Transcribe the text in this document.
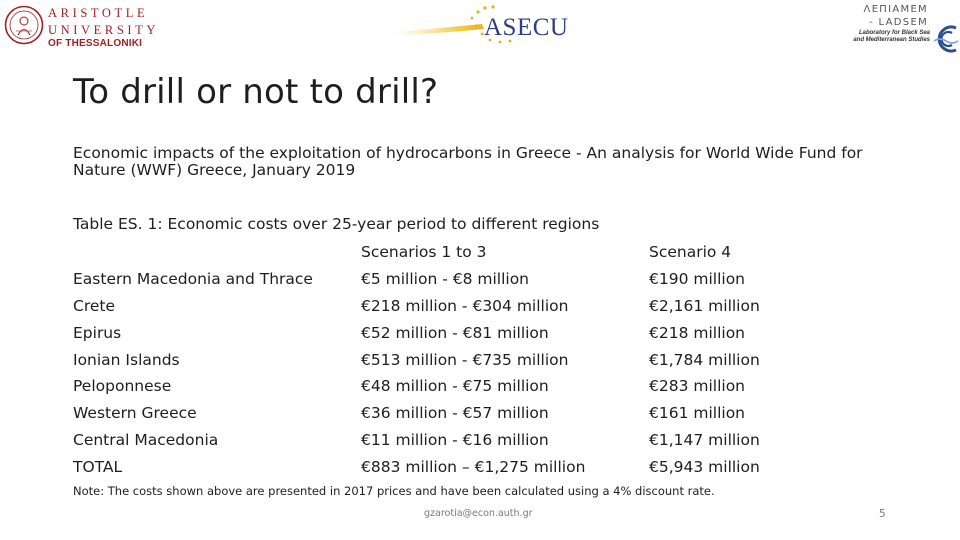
ARISTOTLE
UNIVERSITY
OF THESSALONIKI
ASECU
ΛΕΠΙΑΜΕΜ
- LADSEM
Laboratory for Black Sea and Mediterranean Studies
To drill or not to drill?

Economic impacts of the exploitation of hydrocarbons in Greece - An analysis for World Wide Fund for Nature (WWF) Greece, January 2019

Table ES. 1: Economic costs over 25-year period to different regions
	Scenarios 1 to 3	Scenario 4
Eastern Macedonia and Thrace	€5 million - €8 million	€190 million
Crete	€218 million - €304 million	€2,161 million
Epirus	€52 million - €81 million	€218 million
Ionian Islands	€513 million - €735 million	€1,784 million
Peloponnese	€48 million - €75 million	€283 million
Western Greece	€36 million - €57 million	€161 million
Central Macedonia	€11 million - €16 million	€1,147 million
TOTAL	€883 million – €1,275 million	€5,943 million
Note: The costs shown above are presented in 2017 prices and have been calculated using a 4% discount rate.
gzarotia@econ.auth.gr	5
